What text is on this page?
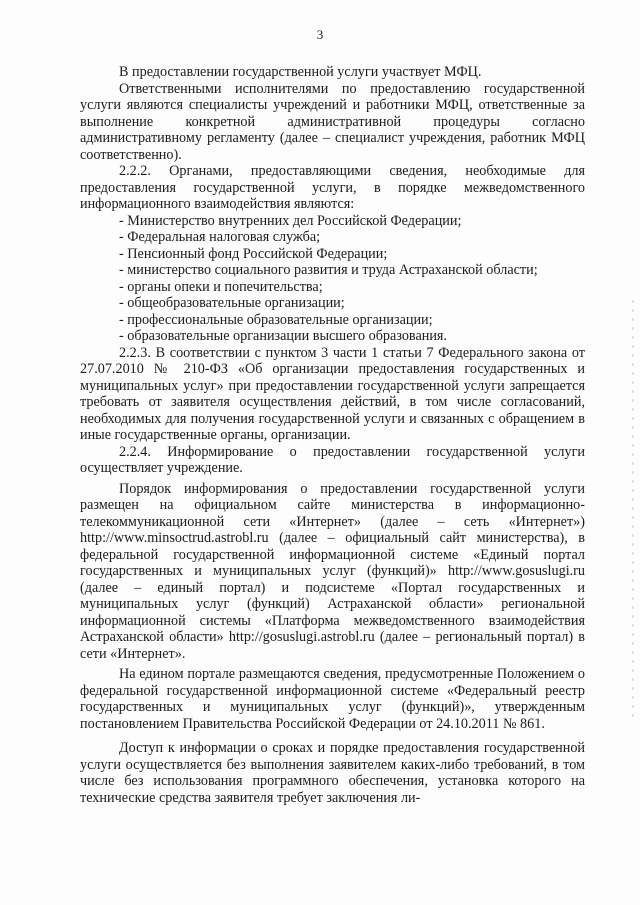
3

В предоставлении государственной услуги участвует МФЦ.

Ответственными исполнителями по предоставлению государственной услуги являются специалисты учреждений и работники МФЦ, ответственные за выполнение конкретной административной процедуры согласно административному регламенту (далее – специалист учреждения, работник МФЦ соответственно).

2.2.2. Органами, предоставляющими сведения, необходимые для предоставления государственной услуги, в порядке межведомственного информационного взаимодействия являются:

- Министерство внутренних дел Российской Федерации;
- Федеральная налоговая служба;
- Пенсионный фонд Российской Федерации;
- министерство социального развития и труда Астраханской области;
- органы опеки и попечительства;
- общеобразовательные организации;
- профессиональные образовательные организации;
- образовательные организации высшего образования.

2.2.3. В соответствии с пунктом 3 части 1 статьи 7 Федерального закона от 27.07.2010 № 210-ФЗ «Об организации предоставления государственных и муниципальных услуг» при предоставлении государственной услуги запрещается требовать от заявителя осуществления действий, в том числе согласований, необходимых для получения государственной услуги и связанных с обращением в иные государственные органы, организации.

2.2.4. Информирование о предоставлении государственной услуги осуществляет учреждение.

Порядок информирования о предоставлении государственной услуги размещен на официальном сайте министерства в информационно-телекоммуникационной сети «Интернет» (далее – сеть «Интернет») http://www.minsoctrud.astrobl.ru (далее – официальный сайт министерства), в федеральной государственной информационной системе «Единый портал государственных и муниципальных услуг (функций)» http://www.gosuslugi.ru (далее – единый портал) и подсистеме «Портал государственных и муниципальных услуг (функций) Астраханской области» региональной информационной системы «Платформа межведомственного взаимодействия Астраханской области» http://gosuslugi.astrobl.ru (далее – региональный портал) в сети «Интернет».

На едином портале размещаются сведения, предусмотренные Положением о федеральной государственной информационной системе «Федеральный реестр государственных и муниципальных услуг (функций)», утвержденным постановлением Правительства Российской Федерации от 24.10.2011 № 861.

Доступ к информации о сроках и порядке предоставления государственной услуги осуществляется без выполнения заявителем каких-либо требований, в том числе без использования программного обеспечения, установка которого на технические средства заявителя требует заключения ли-
